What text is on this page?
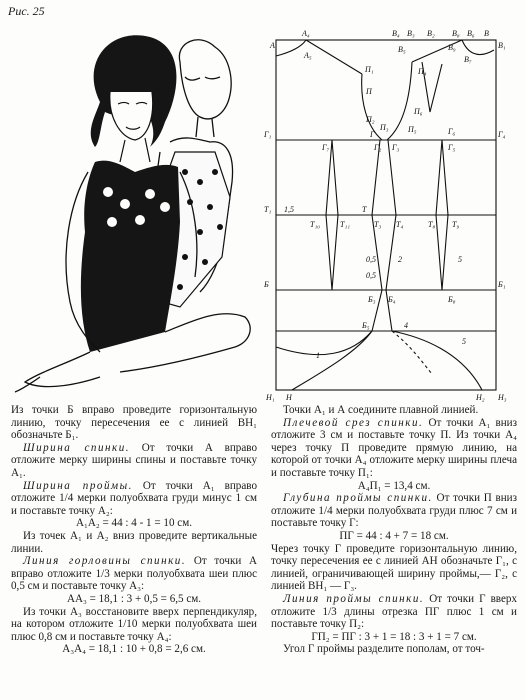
Рис. 25
A₄
A
A₅
П₁
П
П₂
П₃
Г₁	Г
Г₂ Г₃
Г₆	Г₄
Г₇	Г₅
Т₁
Т₁₀ Т₁₁
Т
Т₃ Т₄	Т₈ Т₉
Б
Б₃ Б₄
Б₅
Б₈
Б₁
Н₁ Н	Н₂ Н₃
В₄ В₃ В₂ В₈ В₆ В
В₁
В₅
В₇
В₉
П₄
П₆
П₅
1,5
0,5
0,5
2	5
4
5
1

Из точки Б вправо проведите горизонтальную линию, точку пересечения ее с линией ВН₁ обозначьте Б₁.

Ширина спинки. От точки А вправо отложите мерку ширины спины и поставьте точку А₁.

Ширина проймы. От точки А₁ вправо отложите 1/4 мерки полуобхвата груди минус 1 см и поставьте точку А₂:

А₁А₂ = 44 : 4 - 1 = 10 см.

Из точек А₁ и А₂ вниз проведите вертикальные линии.

Линия горловины спинки. От точки А вправо отложите 1/3 мерки полуобхвата шеи плюс 0,5 см и поставьте точку А₃:

АА₃ = 18,1 : 3 + 0,5 = 6,5 см.

Из точки А₃ восстановите вверх перпендикуляр, на котором отложите 1/10 мерки полуобхвата шеи плюс 0,8 см и поставьте точку А₄:

А₃А₄ = 18,1 : 10 + 0,8 = 2,6 см.

Точки А₁ и А соедините плавной линией.

Плечевой срез спинки. От точки А₁ вниз отложите 3 см и поставьте точку П. Из точки А₄ через точку П проведите прямую линию, на которой от точки А₄ отложите мерку ширины плеча и поставьте точку П₁:

А₄П₁ = 13,4 см.

Глубина проймы спинки. От точки П вниз отложите 1/4 мерки полуобхвата груди плюс 7 см и поставьте точку Г:

ПГ = 44 : 4 + 7 = 18 см.

Через точку Г проведите горизонтальную линию, точку пересечения ее с линией АН обозначьте Г₁, с линией, ограничивающей ширину проймы,— Г₂, с линией ВН₁ — Г₃.

Линия проймы спинки. От точки Г вверх отложите 1/3 длины отрезка ПГ плюс 1 см и поставьте точку П₂:

ГП₂ = ПГ : 3 + 1 = 18 : 3 + 1 = 7 см.

Угол Г проймы разделите пополам, от точ-
